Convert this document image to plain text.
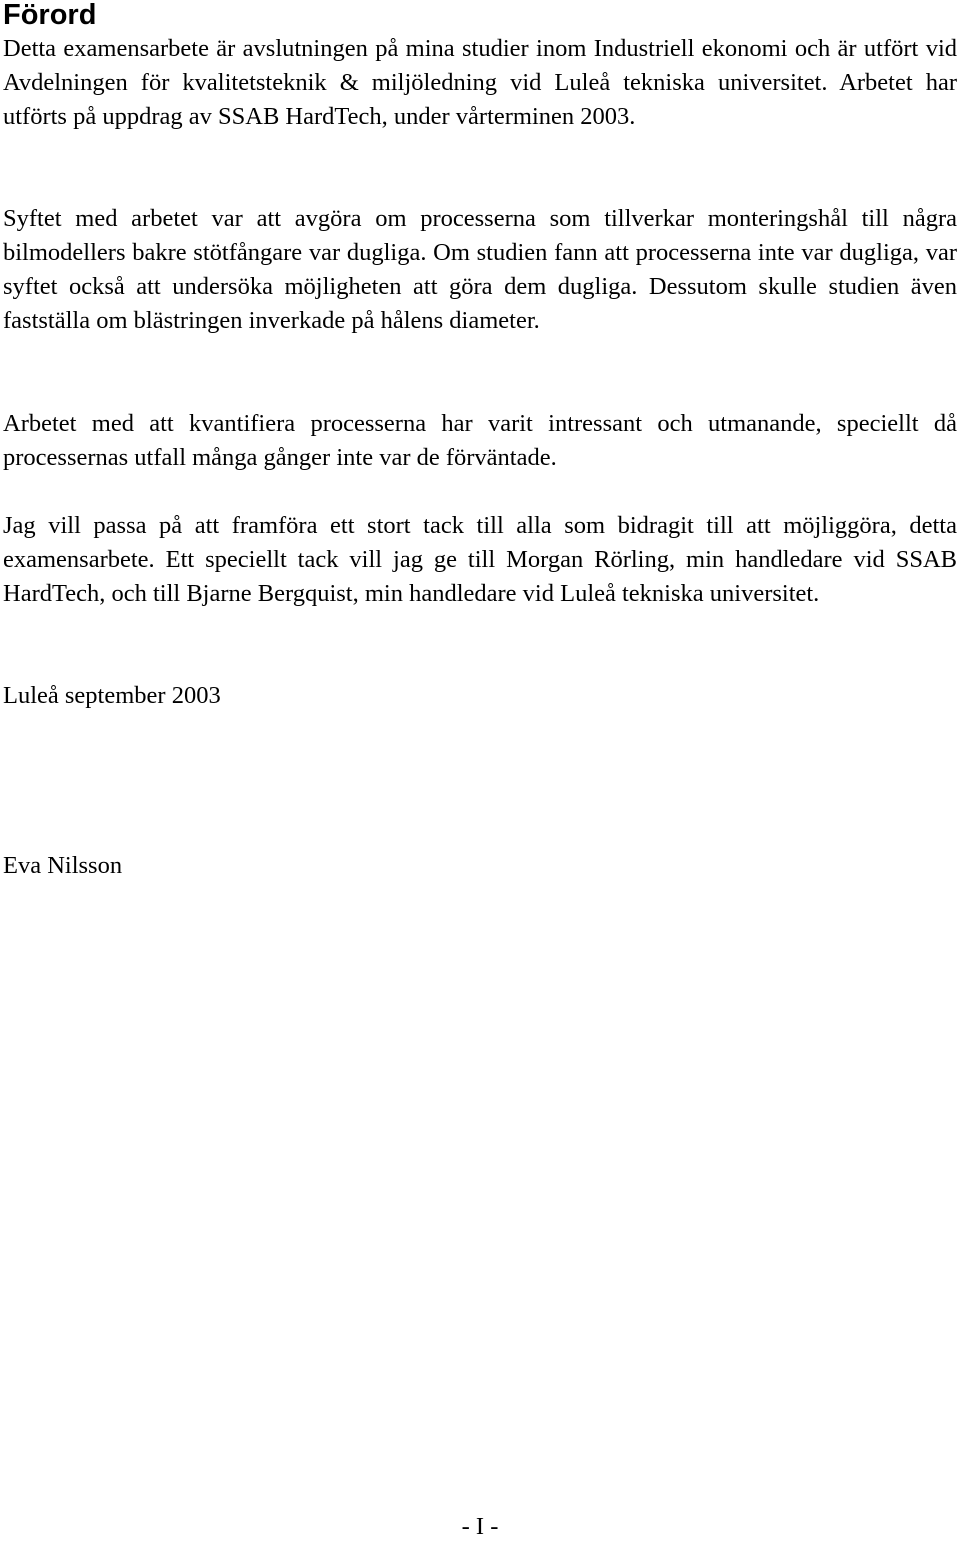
Förord

Detta examensarbete är avslutningen på mina studier inom Industriell ekonomi och är utfört vid Avdelningen för kvalitetsteknik & miljöledning vid Luleå tekniska universitet. Arbetet har utförts på uppdrag av SSAB HardTech, under vårterminen 2003.

Syftet med arbetet var att avgöra om processerna som tillverkar monteringshål till några bilmodellers bakre stötfångare var dugliga. Om studien fann att processerna inte var dugliga, var syftet också att undersöka möjligheten att göra dem dugliga. Dessutom skulle studien även fastställa om blästringen inverkade på hålens diameter.

Arbetet med att kvantifiera processerna har varit intressant och utmanande, speciellt då processernas utfall många gånger inte var de förväntade.

Jag vill passa på att framföra ett stort tack till alla som bidragit till att möjliggöra, detta examensarbete. Ett speciellt tack vill jag ge till Morgan Rörling, min handledare vid SSAB HardTech, och till Bjarne Bergquist, min handledare vid Luleå tekniska universitet.

Luleå september 2003

Eva Nilsson

- I -
